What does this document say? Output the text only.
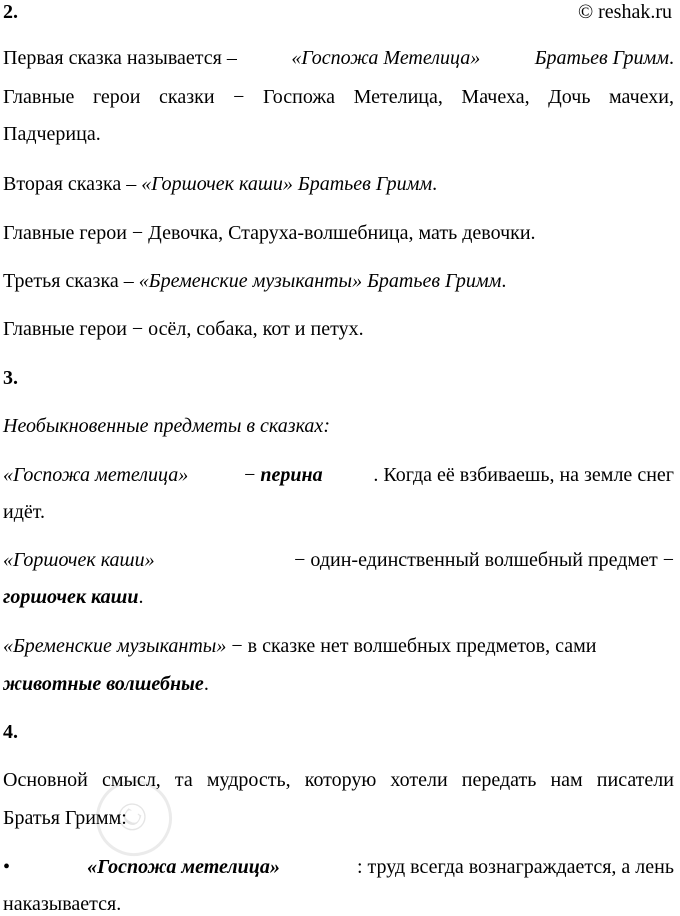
©
2.	© reshak.ru
Первая сказка называется –	«Госпожа Метелица»	Братьев Гримм.
Главные герои сказки − Госпожа Метелица, Мачеха, Дочь мачехи,
Падчерица.
Вторая сказка – «Горшочек каши» Братьев Гримм.
Главные герои − Девочка, Старуха-волшебница, мать девочки.
Третья сказка – «Бременские музыканты» Братьев Гримм.
Главные герои − осёл, собака, кот и петух.
3.
Необыкновенные предметы в сказках:
«Госпожа метелица»	− перина	. Когда её взбиваешь, на земле снег
идёт.
«Горшочек каши»	− один-единственный волшебный предмет −
горшочек каши.
«Бременские музыканты» − в сказке нет волшебных предметов, сами
животные волшебные.
4.
Основной смысл, та мудрость, которую хотели передать нам писатели
Братья Гримм:
•	«Госпожа метелица»	: труд всегда вознаграждается, а лень
наказывается.
